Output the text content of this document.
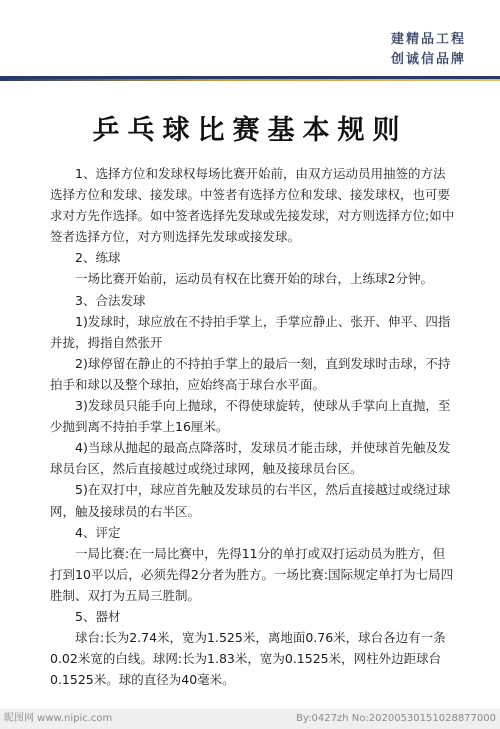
建精品工程
创诚信品牌
乒乓球比赛基本规则

1、选择方位和发球权每场比赛开始前，由双方运动员用抽签的方法选择方位和发球、接发球。中签者有选择方位和发球、接发球权，也可要求对方先作选择。如中签者选择先发球或先接发球，对方则选择方位;如中签者选择方位，对方则选择先发球或接发球。

2、练球

一场比赛开始前，运动员有权在比赛开始的球台，上练球2分钟。

3、合法发球

1)发球时，球应放在不持拍手掌上，手掌应静止、张开、伸平、四指并拢，拇指自然张开

2)球停留在静止的不持拍手掌上的最后一刻，直到发球时击球，不持拍手和球以及整个球拍，应始终高于球台水平面。

3)发球员只能手向上抛球，不得使球旋转，使球从手掌向上直抛，至少抛到离不持拍手掌上16厘米。

4)当球从抛起的最高点降落时，发球员才能击球，并使球首先触及发球员台区，然后直接越过或绕过球网，触及接球员台区。

5)在双打中，球应首先触及发球员的右半区，然后直接越过或绕过球网，触及接球员的右半区。

4、评定

一局比赛:在一局比赛中，先得11分的单打或双打运动员为胜方，但打到10平以后，必须先得2分者为胜方。一场比赛:国际规定单打为七局四胜制、双打为五局三胜制。

5、器材

球台:长为2.74米，宽为1.525米，离地面0.76米，球台各边有一条0.02米宽的白线。球网:长为1.83米，宽为0.1525米，网柱外边距球台0.1525米。球的直径为40毫米。

昵图网 www.nipic.com	By:0427zh No:20200530151028877000
